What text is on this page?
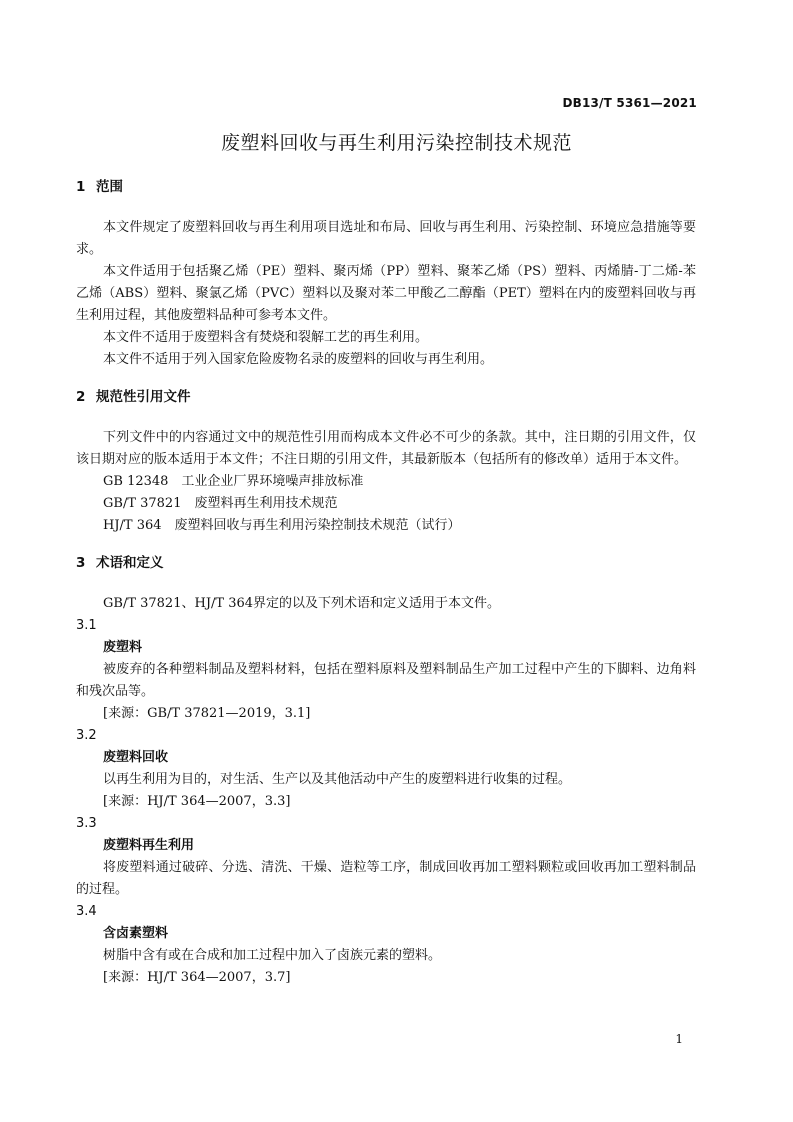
DB13/T 5361—2021
废塑料回收与再生利用污染控制技术规范
1 范围

本文件规定了废塑料回收与再生利用项目选址和布局、回收与再生利用、污染控制、环境应急措施等要求。

本文件适用于包括聚乙烯（PE）塑料、聚丙烯（PP）塑料、聚苯乙烯（PS）塑料、丙烯腈-丁二烯-苯乙烯（ABS）塑料、聚氯乙烯（PVC）塑料以及聚对苯二甲酸乙二醇酯（PET）塑料在内的废塑料回收与再生利用过程，其他废塑料品种可参考本文件。

本文件不适用于废塑料含有焚烧和裂解工艺的再生利用。

本文件不适用于列入国家危险废物名录的废塑料的回收与再生利用。

2 规范性引用文件

下列文件中的内容通过文中的规范性引用而构成本文件必不可少的条款。其中，注日期的引用文件，仅该日期对应的版本适用于本文件；不注日期的引用文件，其最新版本（包括所有的修改单）适用于本文件。

GB 12348　工业企业厂界环境噪声排放标准

GB/T 37821　废塑料再生利用技术规范

HJ/T 364　废塑料回收与再生利用污染控制技术规范（试行）

3 术语和定义

GB/T 37821、HJ/T 364界定的以及下列术语和定义适用于本文件。

3.1

废塑料

被废弃的各种塑料制品及塑料材料，包括在塑料原料及塑料制品生产加工过程中产生的下脚料、边角料和残次品等。

[来源：GB/T 37821—2019，3.1]

3.2

废塑料回收

以再生利用为目的，对生活、生产以及其他活动中产生的废塑料进行收集的过程。

[来源：HJ/T 364—2007，3.3]

3.3

废塑料再生利用

将废塑料通过破碎、分选、清洗、干燥、造粒等工序，制成回收再加工塑料颗粒或回收再加工塑料制品的过程。

3.4

含卤素塑料

树脂中含有或在合成和加工过程中加入了卤族元素的塑料。

[来源：HJ/T 364—2007，3.7]

1
